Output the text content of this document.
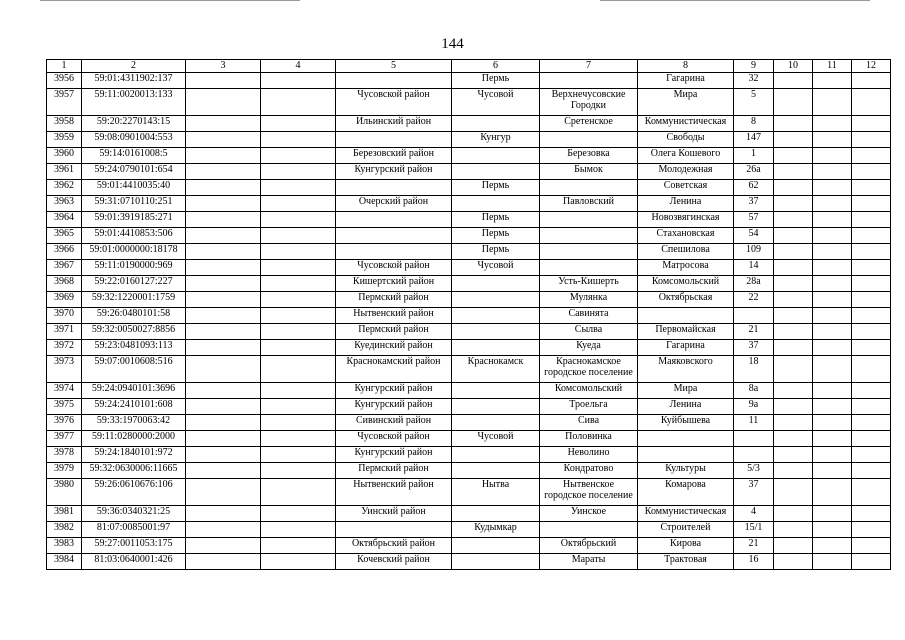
144
1	2	3	4	5	6	7	8	9	10	11	12
3956	59:01:4311902:137				Пермь		Гагарина	32			
3957	59:11:0020013:133			Чусовской район	Чусовой	Верхнечусовские Городки	Мира	5			
3958	59:20:2270143:15			Ильинский район		Сретенское	Коммунистическая	8			
3959	59:08:0901004:553				Кунгур		Свободы	147			
3960	59:14:0161008:5			Березовский район		Березовка	Олега Кошевого	1			
3961	59:24:0790101:654			Кунгурский район		Бымок	Молодежная	26а			
3962	59:01:4410035:40				Пермь		Советская	62			
3963	59:31:0710110:251			Очерский район		Павловский	Ленина	37			
3964	59:01:3919185:271				Пермь		Новозвягинская	57			
3965	59:01:4410853:506				Пермь		Стахановская	54			
3966	59:01:0000000:18178				Пермь		Спешилова	109			
3967	59:11:0190000:969			Чусовской район	Чусовой		Матросова	14			
3968	59:22:0160127:227			Кишертский район		Усть-Кишерть	Комсомольский	28а			
3969	59:32:1220001:1759			Пермский район		Мулянка	Октябрьская	22			
3970	59:26:0480101:58			Нытвенский район		Савинята					
3971	59:32:0050027:8856			Пермский район		Сылва	Первомайская	21			
3972	59:23:0481093:113			Куединский район		Куеда	Гагарина	37			
3973	59:07:0010608:516			Краснокамский район	Краснокамск	Краснокамское городское поселение	Маяковского	18			
3974	59:24:0940101:3696			Кунгурский район		Комсомольский	Мира	8а			
3975	59:24:2410101:608			Кунгурский район		Троельга	Ленина	9а			
3976	59:33:1970063:42			Сивинский район		Сива	Куйбышева	11			
3977	59:11:0280000:2000			Чусовской район	Чусовой	Половинка					
3978	59:24:1840101:972			Кунгурский район		Неволино					
3979	59:32:0630006:11665			Пермский район		Кондратово	Культуры	5/3			
3980	59:26:0610676:106			Нытвенский район	Нытва	Нытвенское городское поселение	Комарова	37			
3981	59:36:0340321:25			Уинский район		Уинское	Коммунистическая	4			
3982	81:07:0085001:97				Кудымкар		Строителей	15/1			
3983	59:27:0011053:175			Октябрьский район		Октябрьский	Кирова	21			
3984	81:03:0640001:426			Кочевский район		Мараты	Трактовая	16			
